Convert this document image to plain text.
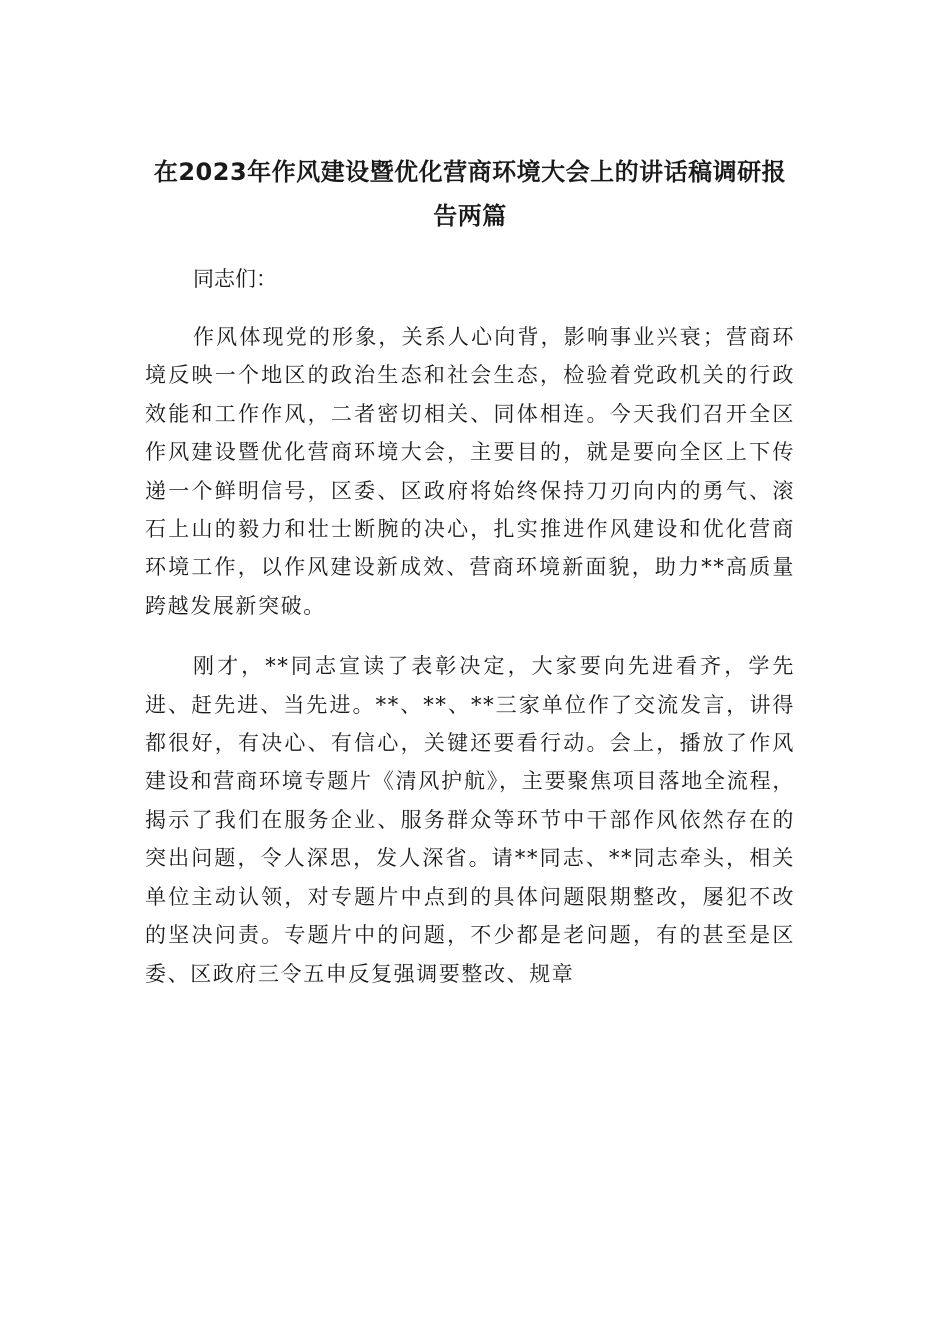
在2023年作风建设暨优化营商环境大会上的讲话稿调研报
告两篇

同志们：

作风体现党的形象，关系人心向背，影响事业兴衰；营商环境反映一个地区的政治生态和社会生态，检验着党政机关的行政效能和工作作风，二者密切相关、同体相连。今天我们召开全区作风建设暨优化营商环境大会，主要目的，就是要向全区上下传递一个鲜明信号，区委、区政府将始终保持刀刃向内的勇气、滚石上山的毅力和壮士断腕的决心，扎实推进作风建设和优化营商环境工作，以作风建设新成效、营商环境新面貌，助力**高质量跨越发展新突破。

刚才，**同志宣读了表彰决定，大家要向先进看齐，学先进、赶先进、当先进。**、**、**三家单位作了交流发言，讲得都很好，有决心、有信心，关键还要看行动。会上，播放了作风建设和营商环境专题片《清风护航》，主要聚焦项目落地全流程，揭示了我们在服务企业、服务群众等环节中干部作风依然存在的突出问题，令人深思，发人深省。请**同志、**同志牵头，相关单位主动认领，对专题片中点到的具体问题限期整改，屡犯不改的坚决问责。专题片中的问题，不少都是老问题，有的甚至是区委、区政府三令五申反复强调要整改、规章
